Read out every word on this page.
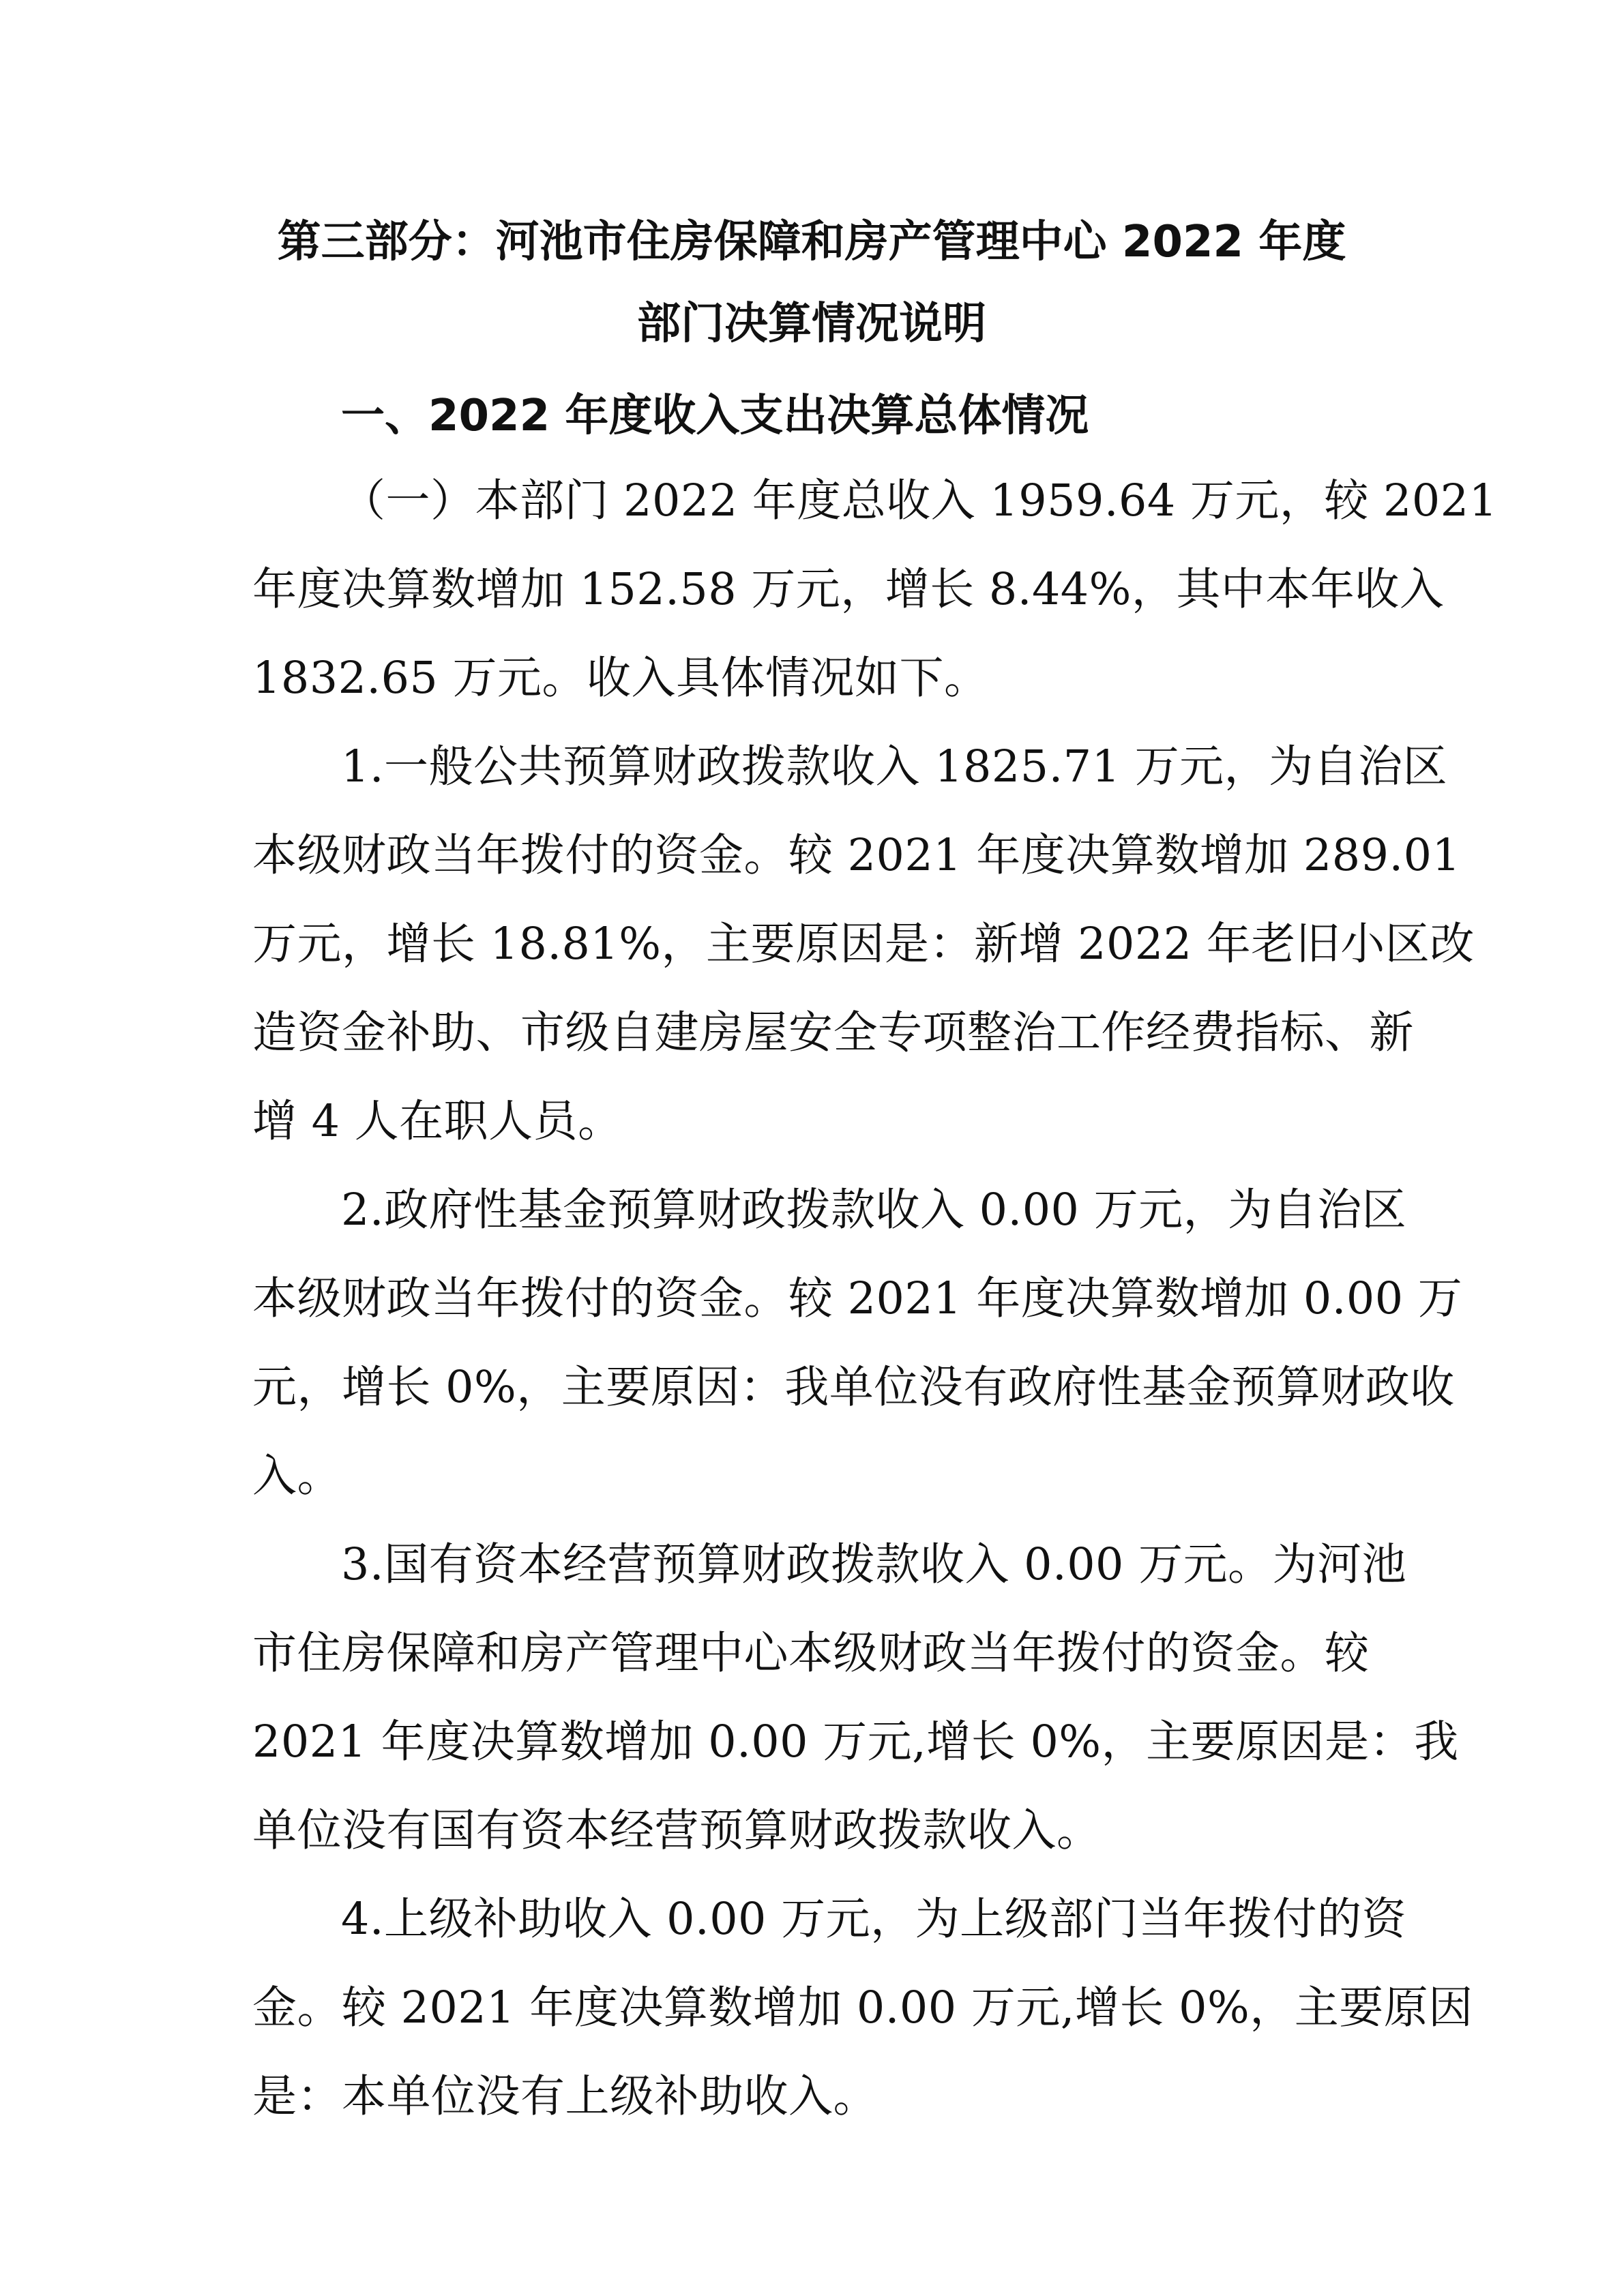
第三部分：河池市住房保障和房产管理中心 2022 年度
部门决算情况说明
一、2022 年度收入支出决算总体情况
（一）本部门 2022 年度总收入 1959.64 万元，较 2021
年度决算数增加 152.58 万元，增长 8.44%，其中本年收入
1832.65 万元。收入具体情况如下。
1.一般公共预算财政拨款收入 1825.71 万元，为自治区
本级财政当年拨付的资金。较 2021 年度决算数增加 289.01
万元，增长 18.81%，主要原因是：新增 2022 年老旧小区改
造资金补助、市级自建房屋安全专项整治工作经费指标、新
增 4 人在职人员。
2.政府性基金预算财政拨款收入 0.00 万元，为自治区
本级财政当年拨付的资金。较 2021 年度决算数增加 0.00 万
元，增长 0%，主要原因：我单位没有政府性基金预算财政收
入。
3.国有资本经营预算财政拨款收入 0.00 万元。为河池
市住房保障和房产管理中心本级财政当年拨付的资金。较
2021 年度决算数增加 0.00 万元,增长 0%，主要原因是：我
单位没有国有资本经营预算财政拨款收入。
4.上级补助收入 0.00 万元，为上级部门当年拨付的资
金。较 2021 年度决算数增加 0.00 万元,增长 0%，主要原因
是：本单位没有上级补助收入。
